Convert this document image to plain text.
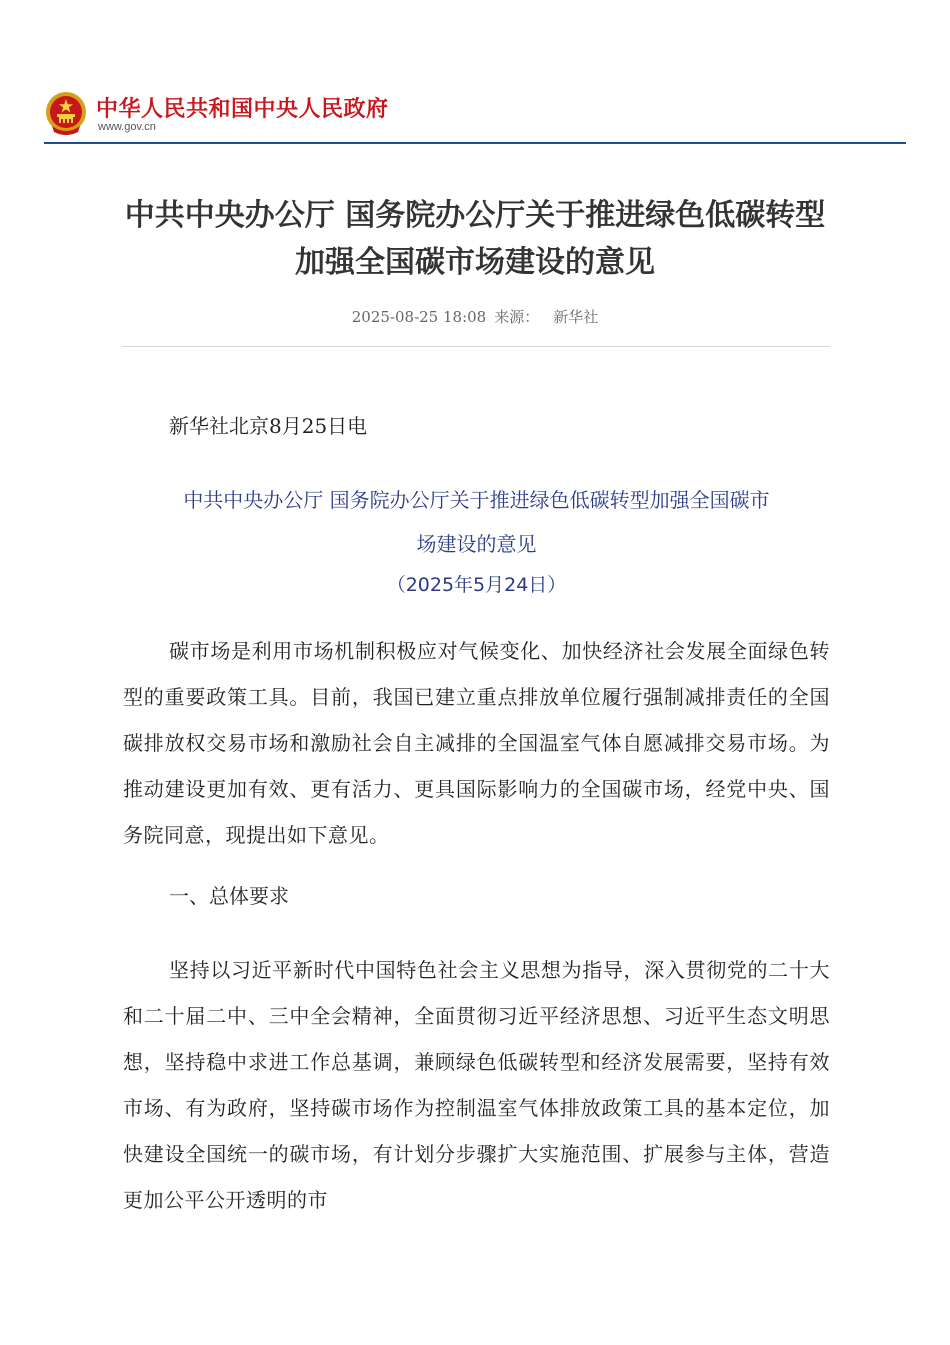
中华人民共和国中央人民政府
www.gov.cn
中共中央办公厅 国务院办公厅关于推进绿色低碳转型
加强全国碳市场建设的意见
2025-08-25 18:08 来源： 新华社
新华社北京8月25日电
中共中央办公厅 国务院办公厅关于推进绿色低碳转型加强全国碳市
场建设的意见
（2025年5月24日）
碳市场是利用市场机制积极应对气候变化、加快经济社会发展全面绿色转型的重要政策工具。目前，我国已建立重点排放单位履行强制减排责任的全国碳排放权交易市场和激励社会自主减排的全国温室气体自愿减排交易市场。为推动建设更加有效、更有活力、更具国际影响力的全国碳市场，经党中央、国务院同意，现提出如下意见。
一、总体要求
坚持以习近平新时代中国特色社会主义思想为指导，深入贯彻党的二十大和二十届二中、三中全会精神，全面贯彻习近平经济思想、习近平生态文明思想，坚持稳中求进工作总基调，兼顾绿色低碳转型和经济发展需要，坚持有效市场、有为政府，坚持碳市场作为控制温室气体排放政策工具的基本定位，加快建设全国统一的碳市场，有计划分步骤扩大实施范围、扩展参与主体，营造更加公平公开透明的市
